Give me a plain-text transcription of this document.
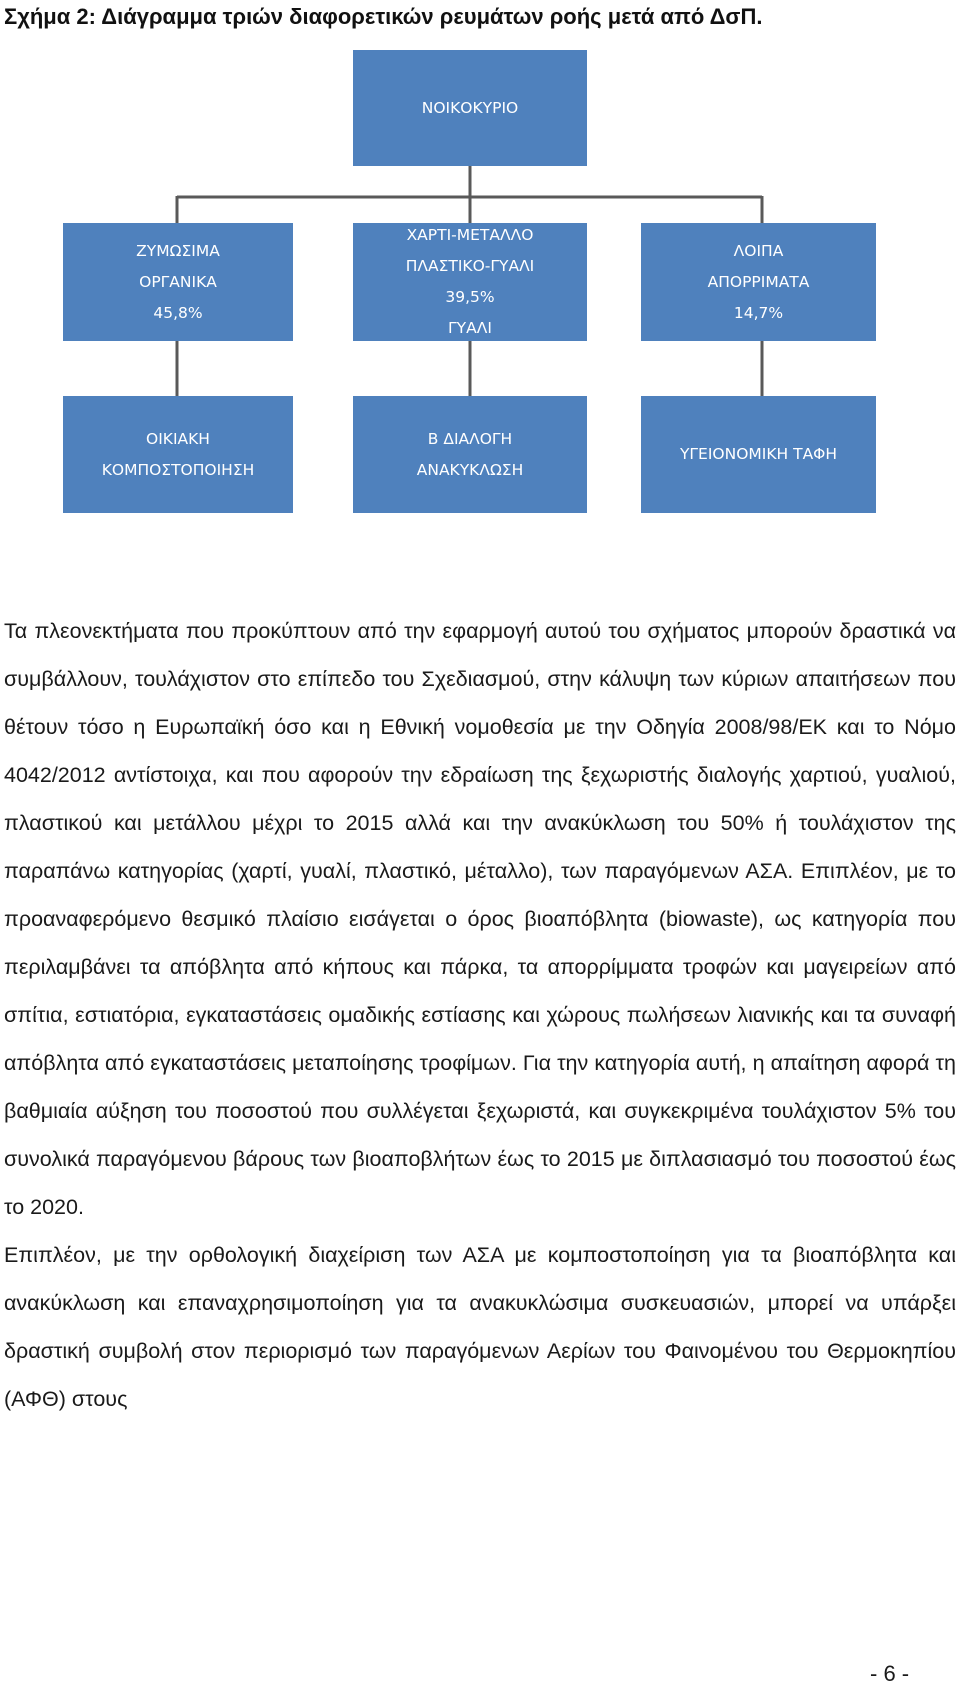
Σχήμα 2: Διάγραμμα τριών διαφορετικών ρευμάτων ροής μετά από ΔσΠ.
ΝΟΙΚΟΚΥΡΙΟ
ΖΥΜΩΣΙΜΑ
ΟΡΓΑΝΙΚΑ
45,8%
ΧΑΡΤΙ-ΜΕΤΑΛΛΟ
ΠΛΑΣΤΙΚΟ-ΓΥΑΛΙ
39,5%
ΓΥΑΛΙ
ΛΟΙΠΑ
ΑΠΟΡΡΙΜΑΤΑ
14,7%
ΟΙΚΙΑΚΗ
ΚΟΜΠΟΣΤΟΠΟΙΗΣΗ
Β ΔΙΑΛΟΓΗ
ΑΝΑΚΥΚΛΩΣΗ
ΥΓΕΙΟΝΟΜΙΚΗ ΤΑΦΗ

Τα πλεονεκτήματα που προκύπτουν από την εφαρμογή αυτού του σχήματος μπορούν δραστικά να συμβάλλουν, τουλάχιστον στο επίπεδο του Σχεδιασμού, στην κάλυψη των κύριων απαιτήσεων που θέτουν τόσο η Ευρωπαϊκή όσο και η Εθνική νομοθεσία με την Οδηγία 2008/98/ΕΚ και το Νόμο 4042/2012 αντίστοιχα, και που αφορούν την εδραίωση της ξεχωριστής διαλογής χαρτιού, γυαλιού, πλαστικού και μετάλλου μέχρι το 2015 αλλά και την ανακύκλωση του 50% ή τουλάχιστον της παραπάνω κατηγορίας (χαρτί, γυαλί, πλαστικό, μέταλλο), των παραγόμενων ΑΣΑ. Επιπλέον, με το προαναφερόμενο θεσμικό πλαίσιο εισάγεται ο όρος βιοαπόβλητα (biowaste), ως κατηγορία που περιλαμβάνει τα απόβλητα από κήπους και πάρκα, τα απορρίμματα τροφών και μαγειρείων από σπίτια, εστιατόρια, εγκαταστάσεις ομαδικής εστίασης και χώρους πωλήσεων λιανικής και τα συναφή απόβλητα από εγκαταστάσεις μεταποίησης τροφίμων. Για την κατηγορία αυτή, η απαίτηση αφορά τη βαθμιαία αύξηση του ποσοστού που συλλέγεται ξεχωριστά, και συγκεκριμένα τουλάχιστον 5% του συνολικά παραγόμενου βάρους των βιοαποβλήτων έως το 2015 με διπλασιασμό του ποσοστού έως το 2020.

Επιπλέον, με την ορθολογική διαχείριση των ΑΣΑ με κομποστοποίηση για τα βιοαπόβλητα και ανακύκλωση και επαναχρησιμοποίηση για τα ανακυκλώσιμα συσκευασιών, μπορεί να υπάρξει δραστική συμβολή στον περιορισμό των παραγόμενων Αερίων του Φαινομένου του Θερμοκηπίου (ΑΦΘ) στους

- 6 -
